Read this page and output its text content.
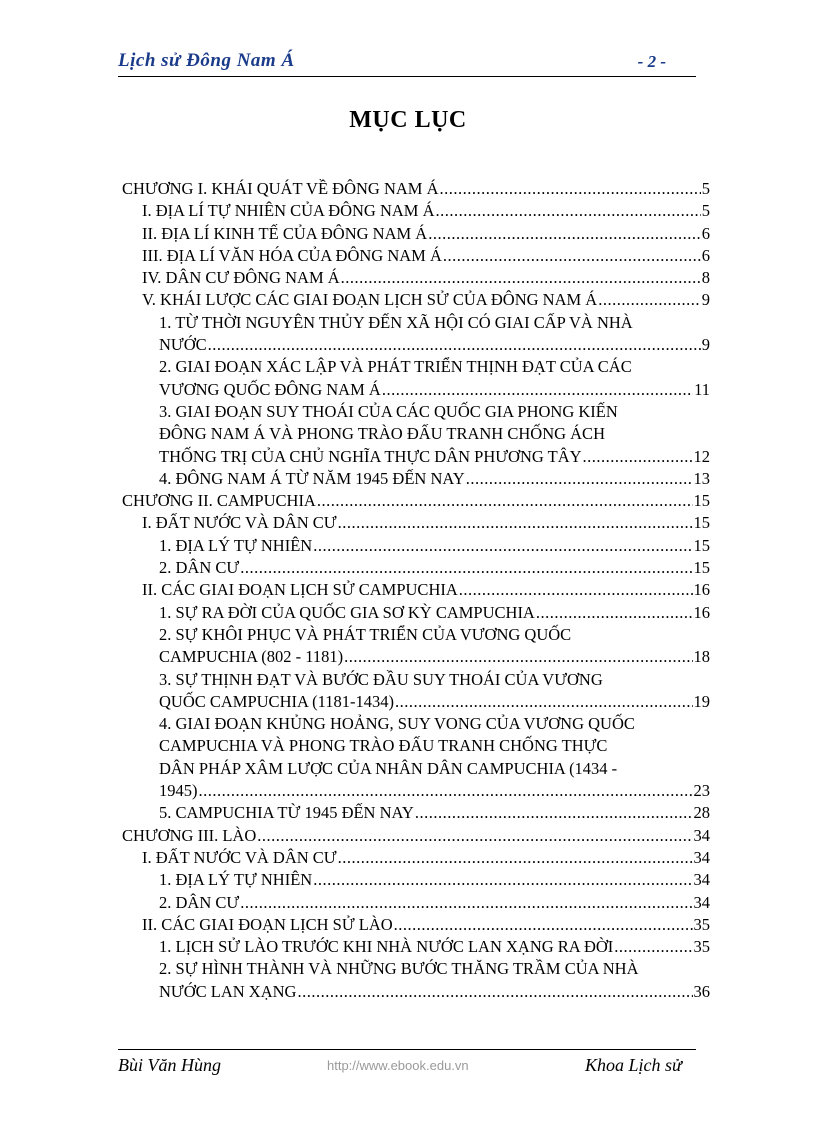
Lịch sử Đông Nam Á	- 2 -
MỤC LỤC
CHƯƠNG I. KHÁI QUÁT VỀ ĐÔNG NAM Á .....	5
I. ĐỊA LÍ TỰ NHIÊN CỦA ĐÔNG NAM Á .....	5
II. ĐỊA LÍ KINH TẾ CỦA ĐÔNG NAM Á .....	6
III. ĐỊA LÍ VĂN HÓA CỦA ĐÔNG NAM Á .....	6
IV. DÂN CƯ ĐÔNG NAM Á .....	8
V. KHÁI LƯỢC CÁC GIAI ĐOẠN LỊCH SỬ CỦA ĐÔNG NAM Á .....	9
1. TỪ THỜI NGUYÊN THỦY ĐẾN XÃ HỘI CÓ GIAI CẤP VÀ NHÀ
NƯỚC .....	9
2. GIAI ĐOẠN XÁC LẬP VÀ PHÁT TRIỂN THỊNH ĐẠT CỦA CÁC
VƯƠNG QUỐC ĐÔNG NAM Á .....	11
3. GIAI ĐOẠN SUY THOÁI CỦA CÁC QUỐC GIA PHONG KIẾN
ĐÔNG NAM Á VÀ PHONG TRÀO ĐẤU TRANH CHỐNG ÁCH
THỐNG TRỊ CỦA CHỦ NGHĨA THỰC DÂN PHƯƠNG TÂY .....	12
4. ĐÔNG NAM Á TỪ NĂM 1945 ĐẾN NAY .....	13
CHƯƠNG II. CAMPUCHIA .....	15
I. ĐẤT NƯỚC VÀ DÂN CƯ .....	15
1. ĐỊA LÝ TỰ NHIÊN .....	15
2. DÂN CƯ .....	15
II. CÁC GIAI ĐOẠN LỊCH SỬ CAMPUCHIA .....	16
1. SỰ RA ĐỜI CỦA QUỐC GIA SƠ KỲ CAMPUCHIA .....	16
2. SỰ KHÔI PHỤC VÀ PHÁT TRIỂN CỦA VƯƠNG QUỐC
CAMPUCHIA (802 - 1181) .....	18
3. SỰ THỊNH ĐẠT VÀ BƯỚC ĐẦU SUY THOÁI CỦA VƯƠNG
QUỐC CAMPUCHIA (1181-1434) .....	19
4. GIAI ĐOẠN KHỦNG HOẢNG, SUY VONG CỦA VƯƠNG QUỐC
CAMPUCHIA VÀ PHONG TRÀO ĐẤU TRANH CHỐNG THỰC
DÂN PHÁP XÂM LƯỢC CỦA NHÂN DÂN CAMPUCHIA (1434 -
1945) .....	23
5. CAMPUCHIA TỪ 1945 ĐẾN NAY .....	28
CHƯƠNG III. LÀO .....	34
I. ĐẤT NƯỚC VÀ DÂN CƯ .....	34
1. ĐỊA LÝ TỰ NHIÊN .....	34
2. DÂN CƯ .....	34
II. CÁC GIAI ĐOẠN LỊCH SỬ LÀO .....	35
1. LỊCH SỬ LÀO TRƯỚC KHI NHÀ NƯỚC LAN XẠNG RA ĐỜI .....	35
2. SỰ HÌNH THÀNH VÀ NHỮNG BƯỚC THĂNG TRẦM CỦA NHÀ
NƯỚC LAN XẠNG .....	36
Bùi Văn Hùng	http://www.ebook.edu.vn	Khoa Lịch sử
